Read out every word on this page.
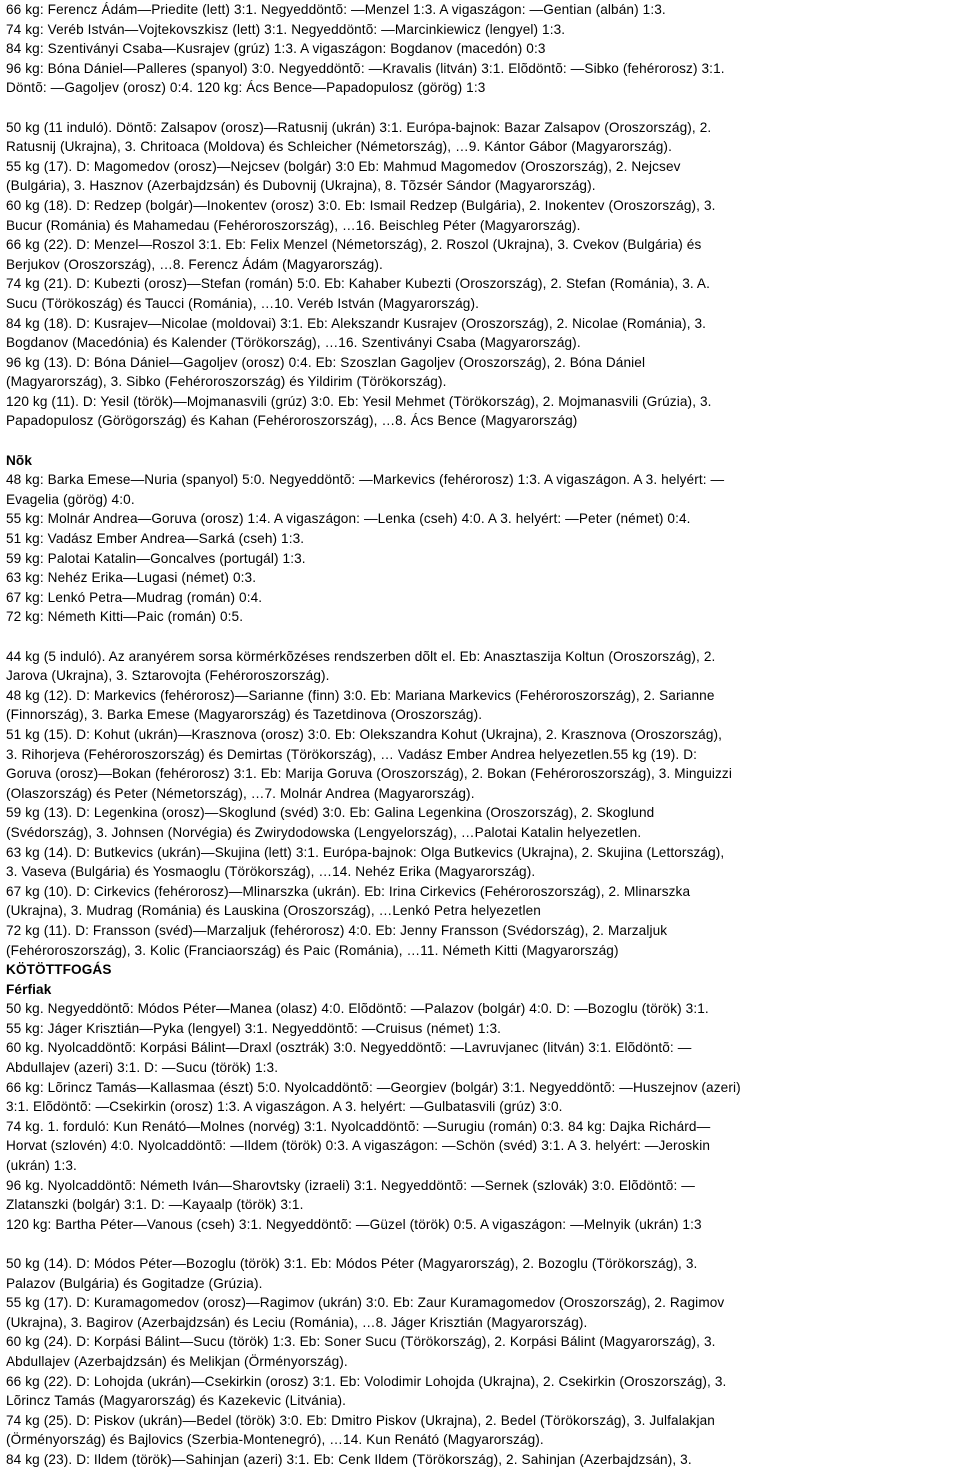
66 kg: Ferencz Ádám—Priedite (lett) 3:1. Negyeddöntõ: —Menzel 1:3. A vigaszágon: —Gentian (albán) 1:3.
74 kg: Veréb István—Vojtekovszkisz (lett) 3:1. Negyeddöntõ: —Marcinkiewicz (lengyel) 1:3.
84 kg: Szentiványi Csaba—Kusrajev (grúz) 1:3. A vigaszágon: Bogdanov (macedón) 0:3
96 kg: Bóna Dániel—Palleres (spanyol) 3:0. Negyeddöntõ: —Kravalis (litván) 3:1. Elõdöntõ: —Sibko (fehérorosz) 3:1.
Döntõ: —Gagoljev (orosz) 0:4. 120 kg: Ács Bence—Papadopulosz (görög) 1:3
50 kg (11 induló). Döntõ: Zalsapov (orosz)—Ratusnij (ukrán) 3:1. Európa-bajnok: Bazar Zalsapov (Oroszország), 2.
Ratusnij (Ukrajna), 3. Chritoaca (Moldova) és Schleicher (Németország), …9. Kántor Gábor (Magyarország).
55 kg (17). D: Magomedov (orosz)—Nejcsev (bolgár) 3:0 Eb: Mahmud Magomedov (Oroszország), 2. Nejcsev
(Bulgária), 3. Hasznov (Azerbajdzsán) és Dubovnij (Ukrajna), 8. Tõzsér Sándor (Magyarország).
60 kg (18). D: Redzep (bolgár)—Inokentev (orosz) 3:0. Eb: Ismail Redzep (Bulgária), 2. Inokentev (Oroszország), 3.
Bucur (Románia) és Mahamedau (Fehéroroszország), …16. Beischleg Péter (Magyarország).
66 kg (22). D: Menzel—Roszol 3:1. Eb: Felix Menzel (Németország), 2. Roszol (Ukrajna), 3. Cvekov (Bulgária) és
Berjukov (Oroszország), …8. Ferencz Ádám (Magyarország).
74 kg (21). D: Kubezti (orosz)—Stefan (román) 5:0. Eb: Kahaber Kubezti (Oroszország), 2. Stefan (Románia), 3. A.
Sucu (Törökoszág) és Taucci (Románia), …10. Veréb István (Magyarország).
84 kg (18). D: Kusrajev—Nicolae (moldovai) 3:1. Eb: Alekszandr Kusrajev (Oroszország), 2. Nicolae (Románia), 3.
Bogdanov (Macedónia) és Kalender (Törökország), …16. Szentiványi Csaba (Magyarország).
96 kg (13). D: Bóna Dániel—Gagoljev (orosz) 0:4. Eb: Szoszlan Gagoljev (Oroszország), 2. Bóna Dániel
(Magyarország), 3. Sibko (Fehéroroszország) és Yildirim (Törökország).
120 kg (11). D: Yesil (török)—Mojmanasvili (grúz) 3:0. Eb: Yesil Mehmet (Törökország), 2. Mojmanasvili (Grúzia), 3.
Papadopulosz (Görögország) és Kahan (Fehéroroszország), …8. Ács Bence (Magyarország)
Nõk
48 kg: Barka Emese—Nuria (spanyol) 5:0. Negyeddöntõ: —Markevics (fehérorosz) 1:3. A vigaszágon. A 3. helyért: —
Evagelia (görög) 4:0.
55 kg: Molnár Andrea—Goruva (orosz) 1:4. A vigaszágon: —Lenka (cseh) 4:0. A 3. helyért: —Peter (német) 0:4.
51 kg: Vadász Ember Andrea—Sarká (cseh) 1:3.
59 kg: Palotai Katalin—Goncalves (portugál) 1:3.
63 kg: Nehéz Erika—Lugasi (német) 0:3.
67 kg: Lenkó Petra—Mudrag (román) 0:4.
72 kg: Németh Kitti—Paic (román) 0:5.
44 kg (5 induló). Az aranyérem sorsa körmérkõzéses rendszerben dõlt el. Eb: Anasztaszija Koltun (Oroszország), 2.
Jarova (Ukrajna), 3. Sztarovojta (Fehéroroszország).
48 kg (12). D: Markevics (fehérorosz)—Sarianne (finn) 3:0. Eb: Mariana Markevics (Fehéroroszország), 2. Sarianne
(Finnország), 3. Barka Emese (Magyarország) és Tazetdinova (Oroszország).
51 kg (15). D: Kohut (ukrán)—Krasznova (orosz) 3:0. Eb: Olekszandra Kohut (Ukrajna), 2. Krasznova (Oroszország),
3. Rihorjeva (Fehéroroszország) és Demirtas (Törökország), … Vadász Ember Andrea helyezetlen.55 kg (19). D:
Goruva (orosz)—Bokan (fehérorosz) 3:1. Eb: Marija Goruva (Oroszország), 2. Bokan (Fehéroroszország), 3. Minguizzi
(Olaszország) és Peter (Németország), …7. Molnár Andrea (Magyarország).
59 kg (13). D: Legenkina (orosz)—Skoglund (svéd) 3:0. Eb: Galina Legenkina (Oroszország), 2. Skoglund
(Svédország), 3. Johnsen (Norvégia) és Zwirydodowska (Lengyelország), …Palotai Katalin helyezetlen.
63 kg (14). D: Butkevics (ukrán)—Skujina (lett) 3:1. Európa-bajnok: Olga Butkevics (Ukrajna), 2. Skujina (Lettország),
3. Vaseva (Bulgária) és Yosmaoglu (Törökország), …14. Nehéz Erika (Magyarország).
67 kg (10). D: Cirkevics (fehérorosz)—Mlinarszka (ukrán). Eb: Irina Cirkevics (Fehéroroszország), 2. Mlinarszka
(Ukrajna), 3. Mudrag (Románia) és Lauskina (Oroszország), …Lenkó Petra helyezetlen
72 kg (11). D: Fransson (svéd)—Marzaljuk (fehérorosz) 4:0. Eb: Jenny Fransson (Svédország), 2. Marzaljuk
(Fehéroroszország), 3. Kolic (Franciaország) és Paic (Románia), …11. Németh Kitti (Magyarország)
KÖTÖTTFOGÁS
Férfiak
50 kg. Negyeddöntõ: Módos Péter—Manea (olasz) 4:0. Elõdöntõ: —Palazov (bolgár) 4:0. D: —Bozoglu (török) 3:1.
55 kg: Jáger Krisztián—Pyka (lengyel) 3:1. Negyeddöntõ: —Cruisus (német) 1:3.
60 kg. Nyolcaddöntõ: Korpási Bálint—Draxl (osztrák) 3:0. Negyeddöntõ: —Lavruvjanec (litván) 3:1. Elõdöntõ: —
Abdullajev (azeri) 3:1. D: —Sucu (török) 1:3.
66 kg: Lõrincz Tamás—Kallasmaa (észt) 5:0. Nyolcaddöntõ: —Georgiev (bolgár) 3:1. Negyeddöntõ: —Huszejnov (azeri)
3:1. Elõdöntõ: —Csekirkin (orosz) 1:3. A vigaszágon. A 3. helyért: —Gulbatasvili (grúz) 3:0.
74 kg. 1. forduló: Kun Renátó—Molnes (norvég) 3:1. Nyolcaddöntõ: —Surugiu (román) 0:3. 84 kg: Dajka Richárd—
Horvat (szlovén) 4:0. Nyolcaddöntõ: —Ildem (török) 0:3. A vigaszágon: —Schön (svéd) 3:1. A 3. helyért: —Jeroskin
(ukrán) 1:3.
96 kg. Nyolcaddöntõ: Németh Iván—Sharovtsky (izraeli) 3:1. Negyeddöntõ: —Sernek (szlovák) 3:0. Elõdöntõ: —
Zlatanszki (bolgár) 3:1. D: —Kayaalp (török) 3:1.
120 kg: Bartha Péter—Vanous (cseh) 3:1. Negyeddöntõ: —Güzel (török) 0:5. A vigaszágon: —Melnyik (ukrán) 1:3
50 kg (14). D: Módos Péter—Bozoglu (török) 3:1. Eb: Módos Péter (Magyarország), 2. Bozoglu (Törökország), 3.
Palazov (Bulgária) és Gogitadze (Grúzia).
55 kg (17). D: Kuramagomedov (orosz)—Ragimov (ukrán) 3:0. Eb: Zaur Kuramagomedov (Oroszország), 2. Ragimov
(Ukrajna), 3. Bagirov (Azerbajdzsán) és Leciu (Románia), …8. Jáger Krisztián (Magyarország).
60 kg (24). D: Korpási Bálint—Sucu (török) 1:3. Eb: Soner Sucu (Törökország), 2. Korpási Bálint (Magyarország), 3.
Abdullajev (Azerbajdzsán) és Melikjan (Örményország).
66 kg (22). D: Lohojda (ukrán)—Csekirkin (orosz) 3:1. Eb: Volodimir Lohojda (Ukrajna), 2. Csekirkin (Oroszország), 3.
Lõrincz Tamás (Magyarország) és Kazekevic (Litvánia).
74 kg (25). D: Piskov (ukrán)—Bedel (török) 3:0. Eb: Dmitro Piskov (Ukrajna), 2. Bedel (Törökország), 3. Julfalakjan
(Örményország) és Bajlovics (Szerbia-Montenegró), …14. Kun Renátó (Magyarország).
84 kg (23). D: Ildem (török)—Sahinjan (azeri) 3:1. Eb: Cenk Ildem (Törökország), 2. Sahinjan (Azerbajdzsán), 3.
